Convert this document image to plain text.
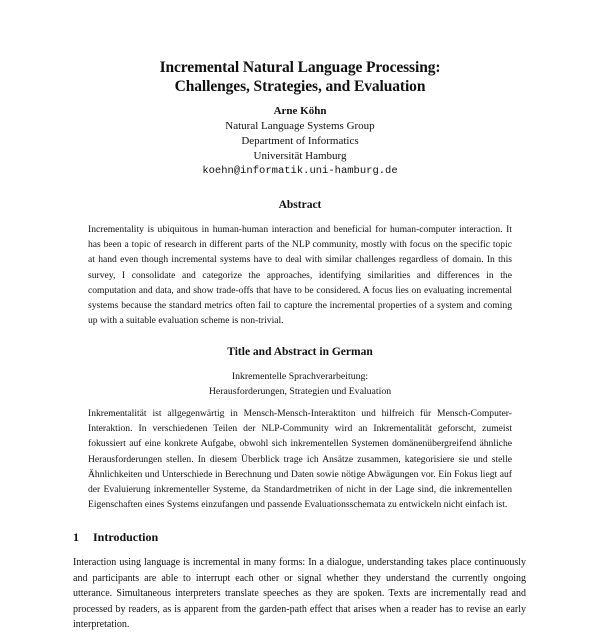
Incremental Natural Language Processing:
Challenges, Strategies, and Evaluation
Arne Köhn
Natural Language Systems Group
Department of Informatics
Universität Hamburg
koehn@informatik.uni-hamburg.de
Abstract

Incrementality is ubiquitous in human-human interaction and beneficial for human-computer interaction. It has been a topic of research in different parts of the NLP community, mostly with focus on the specific topic at hand even though incremental systems have to deal with similar challenges regardless of domain. In this survey, I consolidate and categorize the approaches, identifying similarities and differences in the computation and data, and show trade-offs that have to be considered. A focus lies on evaluating incremental systems because the standard metrics often fail to capture the incremental properties of a system and coming up with a suitable evaluation scheme is non-trivial.

Title and Abstract in German
Inkrementelle Sprachverarbeitung:
Herausforderungen, Strategien und Evaluation

Inkrementalität ist allgegenwärtig in Mensch-Mensch-Interaktiton und hilfreich für Mensch-Computer-Interaktion. In verschiedenen Teilen der NLP-Community wird an Inkrementalität geforscht, zumeist fokussiert auf eine konkrete Aufgabe, obwohl sich inkrementellen Systemen domänenübergreifend ähnliche Herausforderungen stellen. In diesem Überblick trage ich Ansätze zusammen, kategorisiere sie und stelle Ähnlichkeiten und Unterschiede in Berechnung und Daten sowie nötige Abwägungen vor. Ein Fokus liegt auf der Evaluierung inkrementeller Systeme, da Standardmetriken of nicht in der Lage sind, die inkrementellen Eigenschaften eines Systems einzufangen und passende Evaluationsschemata zu entwickeln nicht einfach ist.

1 Introduction

Interaction using language is incremental in many forms: In a dialogue, understanding takes place continuously and participants are able to interrupt each other or signal whether they understand the currently ongoing utterance. Simultaneous interpreters translate speeches as they are spoken. Texts are incrementally read and processed by readers, as is apparent from the garden-path effect that arises when a reader has to revise an early interpretation.
